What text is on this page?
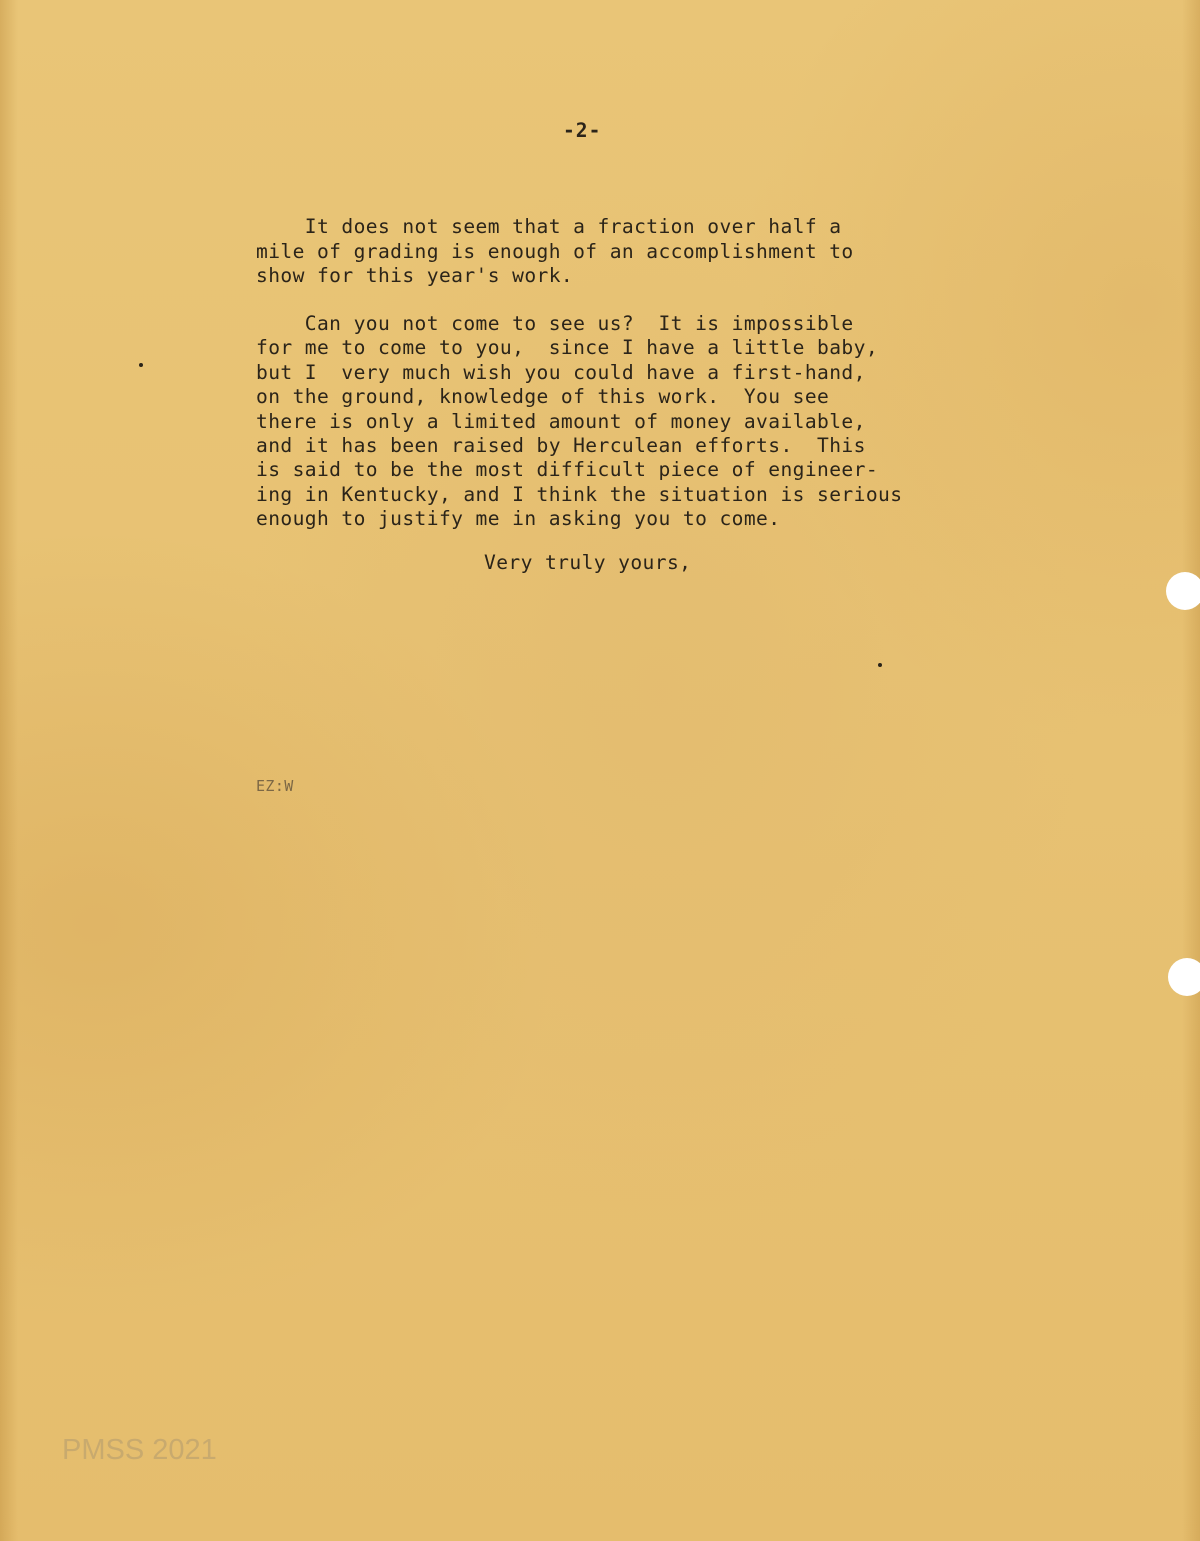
-2-

It does not seem that a fraction over half a
mile of grading is enough of an accomplishment to
show for this year's work.

Can you not come to see us?  It is impossible
for me to come to you,  since I have a little baby,
but I  very much wish you could have a first-hand,
on the ground, knowledge of this work.  You see
there is only a limited amount of money available,
and it has been raised by Herculean efforts.  This
is said to be the most difficult piece of engineer-
ing in Kentucky, and I think the situation is serious
enough to justify me in asking you to come.

Very truly yours,

EZ:W

PMSS 2021
